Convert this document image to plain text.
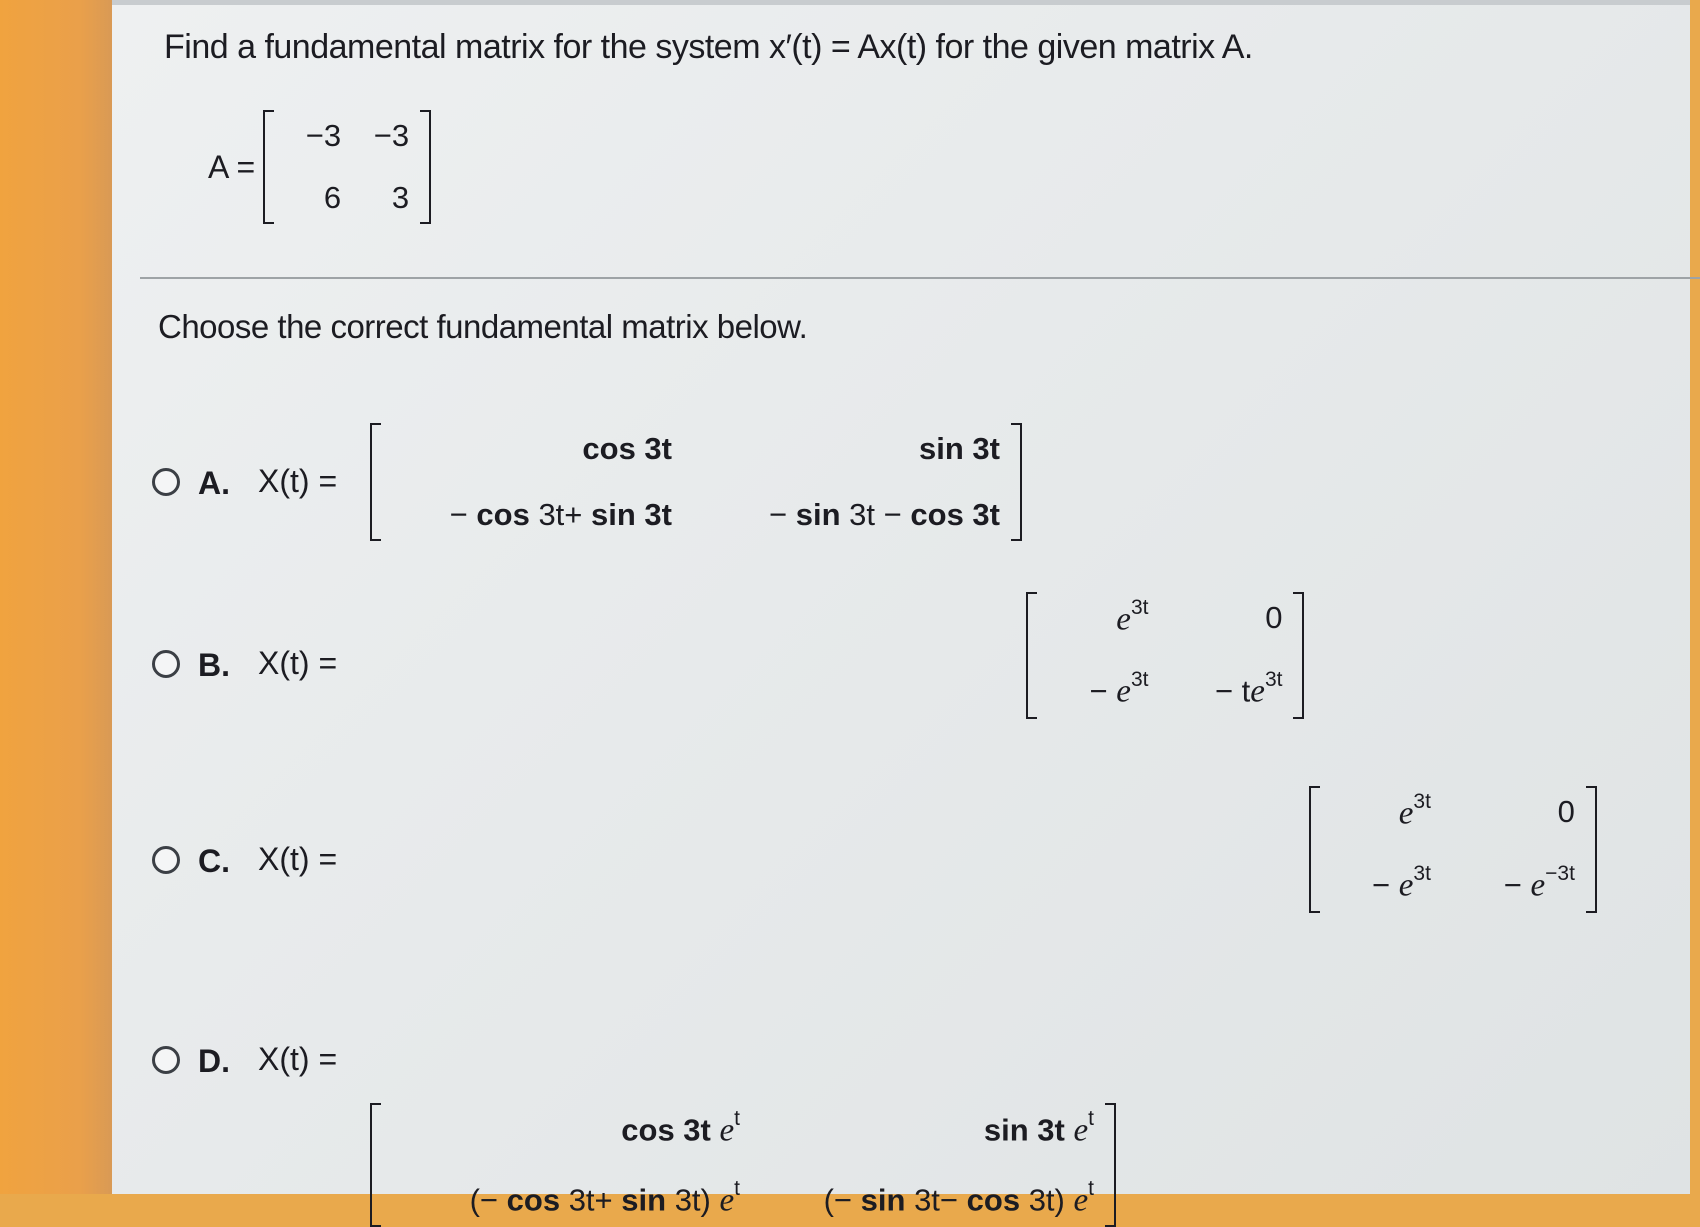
Find a fundamental matrix for the system x′(t) = Ax(t) for the given matrix A.
A =
−3	−3
6	3
Choose the correct fundamental matrix below.
A. X(t) =
cos 3t	sin 3t
− cos 3t+ sin 3t	− sin 3t − cos 3t

B. X(t) =
$e^{3t}$	0
− $e^{3t}$	− $te^{3t}$

C. X(t) =
$e^{3t}$	0
− $e^{3t}$	− $e^{-3t}$

D. X(t) =
cos 3t $e^t$	sin 3t $e^t$
(− cos 3t+ sin 3t) $e^t$	(− sin 3t− cos 3t) $e^t$
